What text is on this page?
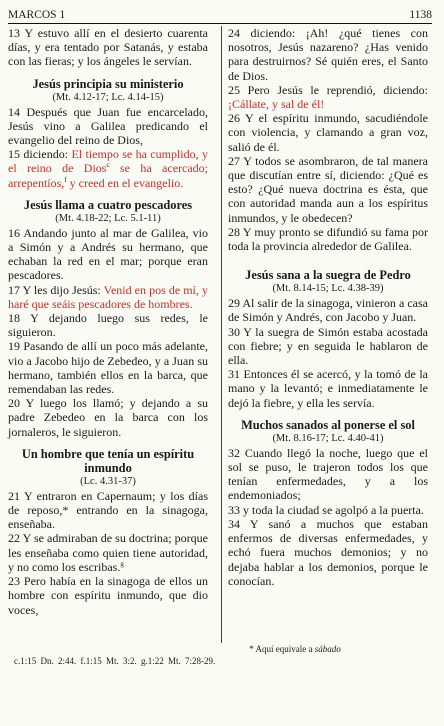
MARCOS 1	1138

13 Y estuvo allí en el desierto cuarenta días, y era tentado por Satanás, y estaba con las fieras; y los ángeles le servían.

Jesús principia su ministerio
(Mt. 4.12-17; Lc. 4.14-15)

14 Después que Juan fue encarcelado, Jesús vino a Galilea predicando el evangelio del reino de Dios,

15 diciendo: El tiempo se ha cumplido, y el reino de Dios$^c$ se ha acercado; arrepentíos,$^f$ y creed en el evangelio.

Jesús llama a cuatro pescadores
(Mt. 4.18-22; Lc. 5.1-11)

16 Andando junto al mar de Galilea, vio a Simón y a Andrés su hermano, que echaban la red en el mar; porque eran pescadores.

17 Y les dijo Jesús: Venid en pos de mí, y haré que seáis pescadores de hombres.

18 Y dejando luego sus redes, le siguieron.

19 Pasando de allí un poco más adelante, vio a Jacobo hijo de Zebedeo, y a Juan su hermano, también ellos en la barca, que remendaban las redes.

20 Y luego los llamó; y dejando a su padre Zebedeo en la barca con los jornaleros, le siguieron.

Un hombre que tenía un espíritu inmundo
(Lc. 4.31-37)

21 Y entraron en Capernaum; y los días de reposo,* entrando en la sinagoga, enseñaba.

22 Y se admiraban de su doctrina; porque les enseñaba como quien tiene autoridad, y no como los escribas.$^g$

23 Pero había en la sinagoga de ellos un hombre con espíritu inmundo, que dio voces,

24 diciendo: ¡Ah! ¿qué tienes con nosotros, Jesús nazareno? ¿Has venido para destruirnos? Sé quién eres, el Santo de Dios.

25 Pero Jesús le reprendió, diciendo: ¡Cállate, y sal de él!

26 Y el espíritu inmundo, sacudiéndole con violencia, y clamando a gran voz, salió de él.

27 Y todos se asombraron, de tal manera que discutían entre sí, diciendo: ¿Qué es esto? ¿Qué nueva doctrina es ésta, que con autoridad manda aun a los espíritus inmundos, y le obedecen?

28 Y muy pronto se difundió su fama por toda la provincia alrededor de Galilea.

Jesús sana a la suegra de Pedro
(Mt. 8.14-15; Lc. 4.38-39)

29 Al salir de la sinagoga, vinieron a casa de Simón y Andrés, con Jacobo y Juan.

30 Y la suegra de Simón estaba acostada con fiebre; y en seguida le hablaron de ella.

31 Entonces él se acercó, y la tomó de la mano y la levantó; e inmediatamente le dejó la fiebre, y ella les servía.

Muchos sanados al ponerse el sol
(Mt. 8.16-17; Lc. 4.40-41)

32 Cuando llegó la noche, luego que el sol se puso, le trajeron todos los que tenían enfermedades, y a los endemoniados;

33 y toda la ciudad se agolpó a la puerta.

34 Y sanó a muchos que estaban enfermos de diversas enfermedades, y echó fuera muchos demonios; y no dejaba hablar a los demonios, porque le conocían.

* Aquí equivale a sábado
c.1:15 Dn. 2:44. f.1:15 Mt. 3:2. g.1:22 Mt. 7:28-29.
